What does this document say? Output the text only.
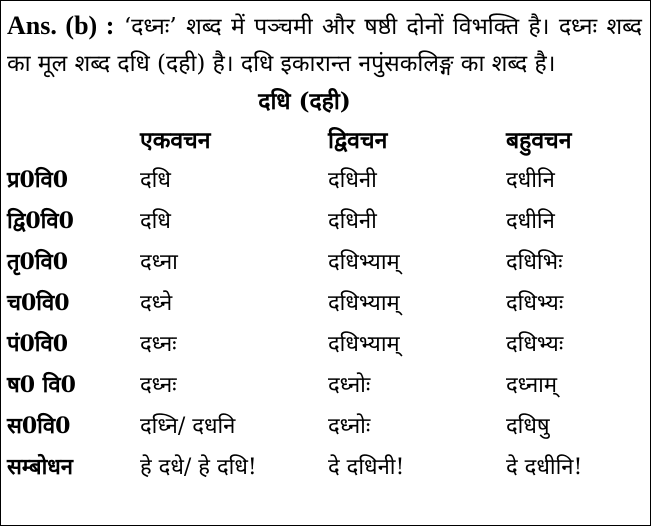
Ans. (b) : ‘दध्नः’ शब्द में पञ्चमी और षष्ठी दोनों विभक्ति है। दध्नः शब्द का मूल शब्द दधि (दही) है। दधि इकारान्त नपुंसकलिङ्ग का शब्द है।
दधि (दही)
	एकवचन	द्विवचन	बहुवचन
प्र0वि0	दधि	दधिनी	दधीनि
द्वि0वि0	दधि	दधिनी	दधीनि
तृ0वि0	दध्ना	दधिभ्याम्	दधिभिः
च0वि0	दध्ने	दधिभ्याम्	दधिभ्यः
पं0वि0	दध्नः	दधिभ्याम्	दधिभ्यः
ष0 वि0	दध्नः	दध्नोः	दध्नाम्
स0वि0	दध्नि/ दधनि	दध्नोः	दधिषु
सम्बोधन	हे दधे/ हे दधि!	दे दधिनी!	दे दधीनि!
